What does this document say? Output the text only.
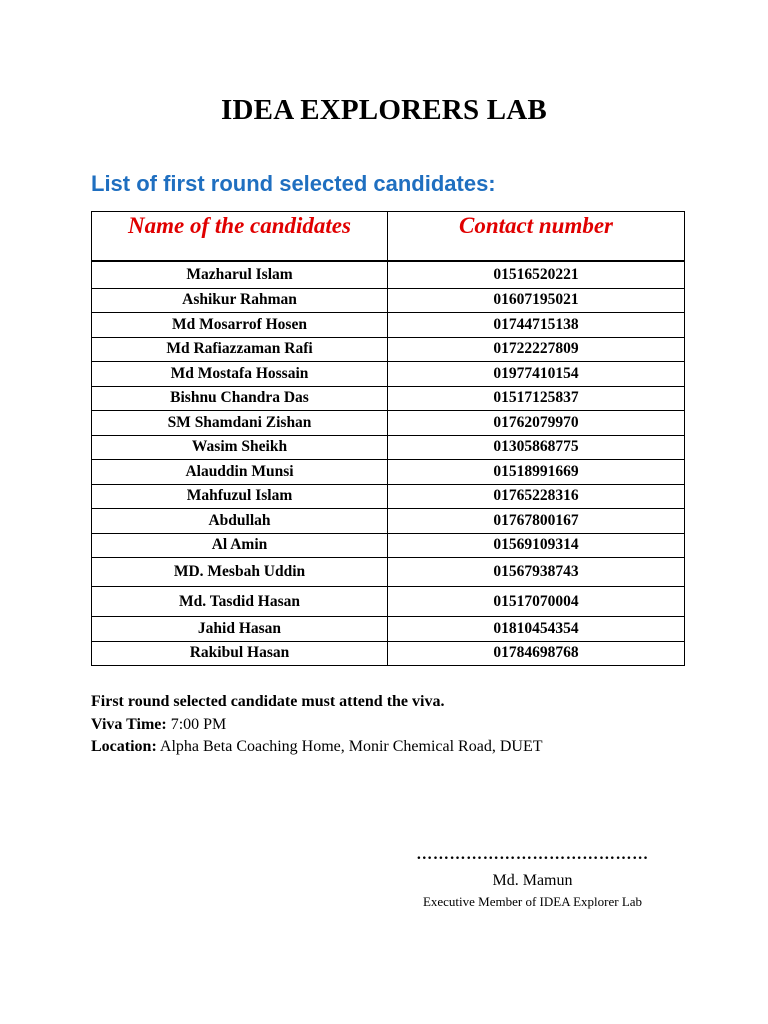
IDEA EXPLORERS LAB
List of first round selected candidates:
Name of the candidates	Contact number
Mazharul Islam	01516520221
Ashikur Rahman	01607195021
Md Mosarrof Hosen	01744715138
Md Rafiazzaman Rafi	01722227809
Md Mostafa Hossain	01977410154
Bishnu Chandra Das	01517125837
SM Shamdani Zishan	01762079970
Wasim Sheikh	01305868775
Alauddin Munsi	01518991669
Mahfuzul Islam	01765228316
Abdullah	01767800167
Al Amin	01569109314
MD. Mesbah Uddin	01567938743
Md. Tasdid Hasan	01517070004
Jahid Hasan	01810454354
Rakibul Hasan	01784698768
First round selected candidate must attend the viva.
Viva Time: 7:00 PM
Location: Alpha Beta Coaching Home, Monir Chemical Road, DUET
……………………………………
Md. Mamun
Executive Member of IDEA Explorer Lab
